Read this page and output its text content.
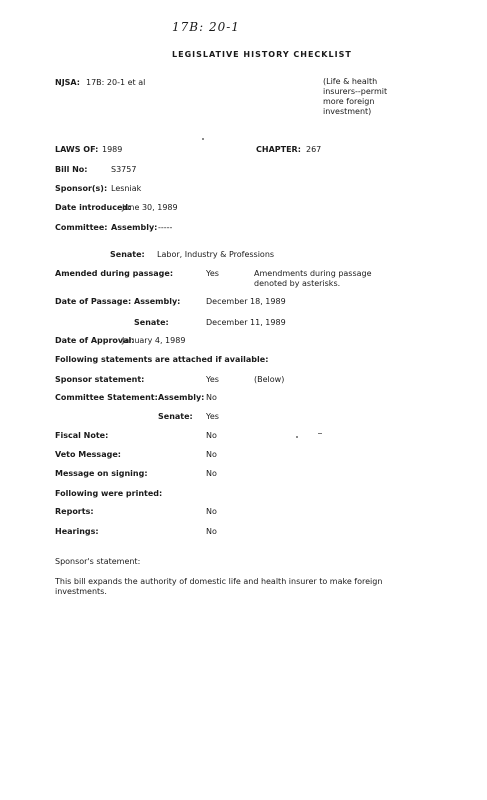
17B: 20-1
LEGISLATIVE HISTORY CHECKLIST
NJSA: 17B: 20-1 et al	(Life & health
insurers--permit
more foreign
investment)
LAWS OF: 1989	CHAPTER: 267
Bill No:	S3757
Sponsor(s): Lesniak
Date introduced:
June 30, 1989
Committee: Assembly: -----
Senate: Labor, Industry & Professions
Amended during passage:	Yes	Amendments during passage
denoted by asterisks.
Date of Passage: Assembly:	December 18, 1989
Senate:	December 11, 1989
Date of Approval:
January 4, 1989
Following statements are attached if available:
Sponsor statement:	Yes	(Below)
Committee Statement: Assembly: No
Senate: Yes
Fiscal Note:	No
Veto Message:	No
Message on signing:	No
Following were printed:
Reports:	No
Hearings:	No
Sponsor's statement:
This bill expands the authority of domestic life and health insurer to make foreign investments.
